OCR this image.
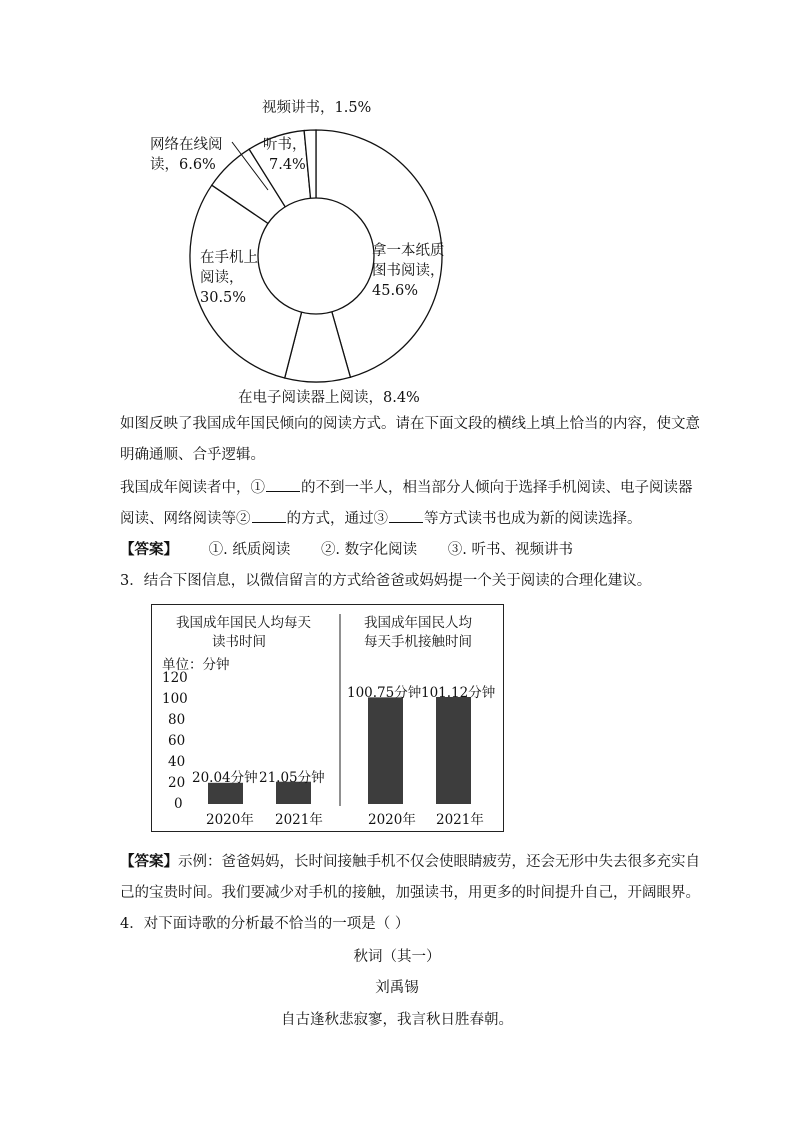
视频讲书，1.5%
网络在线阅
读，6.6%
听书，
7.4%
在手机上
阅读，
30.5%
拿一本纸质
图书阅读，
45.6%
在电子阅读器上阅读，8.4%
如图反映了我国成年国民倾向的阅读方式。请在下面文段的横线上填上恰当的内容，使文意
明确通顺、合乎逻辑。
我国成年阅读者中，① 的不到一半人，相当部分人倾向于选择手机阅读、电子阅读器
阅读、网络阅读等② 的方式，通过③ 等方式读书也成为新的阅读选择。
【答案】 ①. 纸质阅读 ②. 数字化阅读 ③. 听书、视频讲书
3．结合下图信息，以微信留言的方式给爸爸或妈妈提一个关于阅读的合理化建议。
我国成年国民人均每天
读书时间
单位：分钟
我国成年国民人均
每天手机接触时间
120
100
80
60
40
20
0
20.04分钟 21.05分钟
100.75分钟 101.12分钟
2020年 2021年	2020年 2021年
【答案】示例：爸爸妈妈，长时间接触手机不仅会使眼睛疲劳，还会无形中失去很多充实自
己的宝贵时间。我们要减少对手机的接触，加强读书，用更多的时间提升自己，开阔眼界。
4．对下面诗歌的分析最不恰当的一项是（ ）
秋词（其一）
刘禹锡
自古逢秋悲寂寥，我言秋日胜春朝。
